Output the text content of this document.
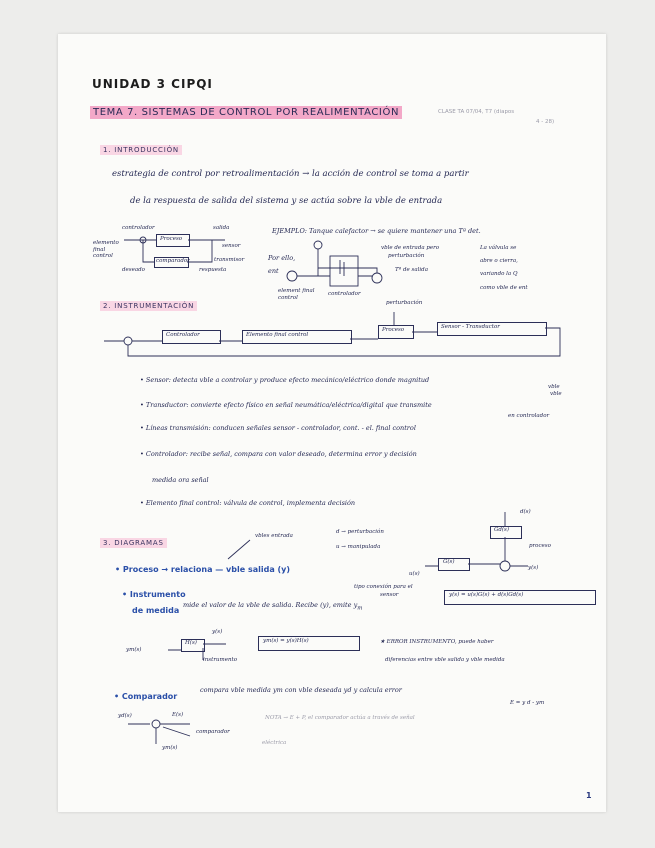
UNIDAD 3 CIPQI
TEMA 7. SISTEMAS DE CONTROL POR REALIMENTACIÓN	CLASE TA 07/04, T7 (diapos
4 - 28)
1. INTRODUCCIÓN
estrategia de control por retroalimentación → la acción de control se toma a partir
de la respuesta de salida del sistema y se actúa sobre la vble de entrada
controlador
Proceso
salida
elemento final control
sensor
comparador	transmisor
deseado	respuesta
EJEMPLO: Tanque calefactor → se quiere mantener una Tª det.
vble de entrada pero
perturbación
Por ello,
ent	Tª de salida
element final control
controlador
La válvula se
abre o cierra,
variando la Q
como vble de ent
2. INSTRUMENTACIÓN	perturbación
Controlador	Elemento final control
Proceso	Sensor - Transductor
• Sensor: detecta vble a controlar y produce efecto mecánico/eléctrico donde magnitud
vble
vble
• Transductor: convierte efecto físico en señal neumática/eléctrica/digital que transmite
en controlador
• Líneas transmisión: conducen señales sensor - controlador, cont. - el. final control
• Controlador: recibe señal, compara con valor deseado, determina error y decisión
medida ora señal
• Elemento final control: válvula de control, implementa decisión
3. DIAGRAMAS
vbles entrada
d → perturbación
u → manipulada
• Proceso → relaciona — vble salida (y)
Gd(s)
d(s)
G(s)
u(s)
y(s)
proceso
• Instrumento
de medida
mide el valor de la vble de salida. Recibe (y), emite $y_m$
tipo conexión para el
sensor	y(s) = u(s)G(s) + d(s)Gd(s)
ym(s)
H(s)
y(s)
instrumento
ym(s) = y(s)H(s)	★ ERROR INSTRUMENTO, puede haber
diferencias entre vble salida y vble medida
• Comparador
compara vble medida ym con vble deseada yd y calcula error
E = y d - ym
yd(s)	E(s)
comparador
ym(s)
NOTA → E + P, el comparador actúa a través de señal
eléctrica
1
